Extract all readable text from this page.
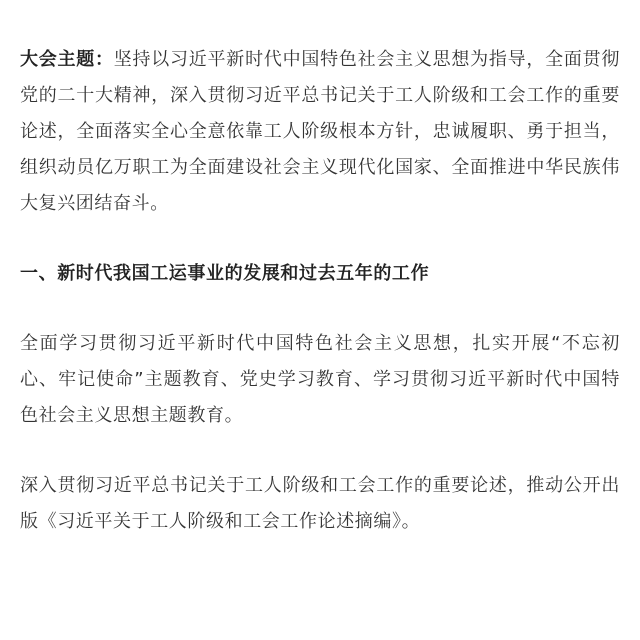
大会主题：坚持以习近平新时代中国特色社会主义思想为指导，全面贯彻党的二十大精神，深入贯彻习近平总书记关于工人阶级和工会工作的重要论述，全面落实全心全意依靠工人阶级根本方针，忠诚履职、勇于担当，组织动员亿万职工为全面建设社会主义现代化国家、全面推进中华民族伟大复兴团结奋斗。

一、新时代我国工运事业的发展和过去五年的工作

全面学习贯彻习近平新时代中国特色社会主义思想，扎实开展“不忘初心、牢记使命”主题教育、党史学习教育、学习贯彻习近平新时代中国特色社会主义思想主题教育。

深入贯彻习近平总书记关于工人阶级和工会工作的重要论述，推动公开出版《习近平关于工人阶级和工会工作论述摘编》。
